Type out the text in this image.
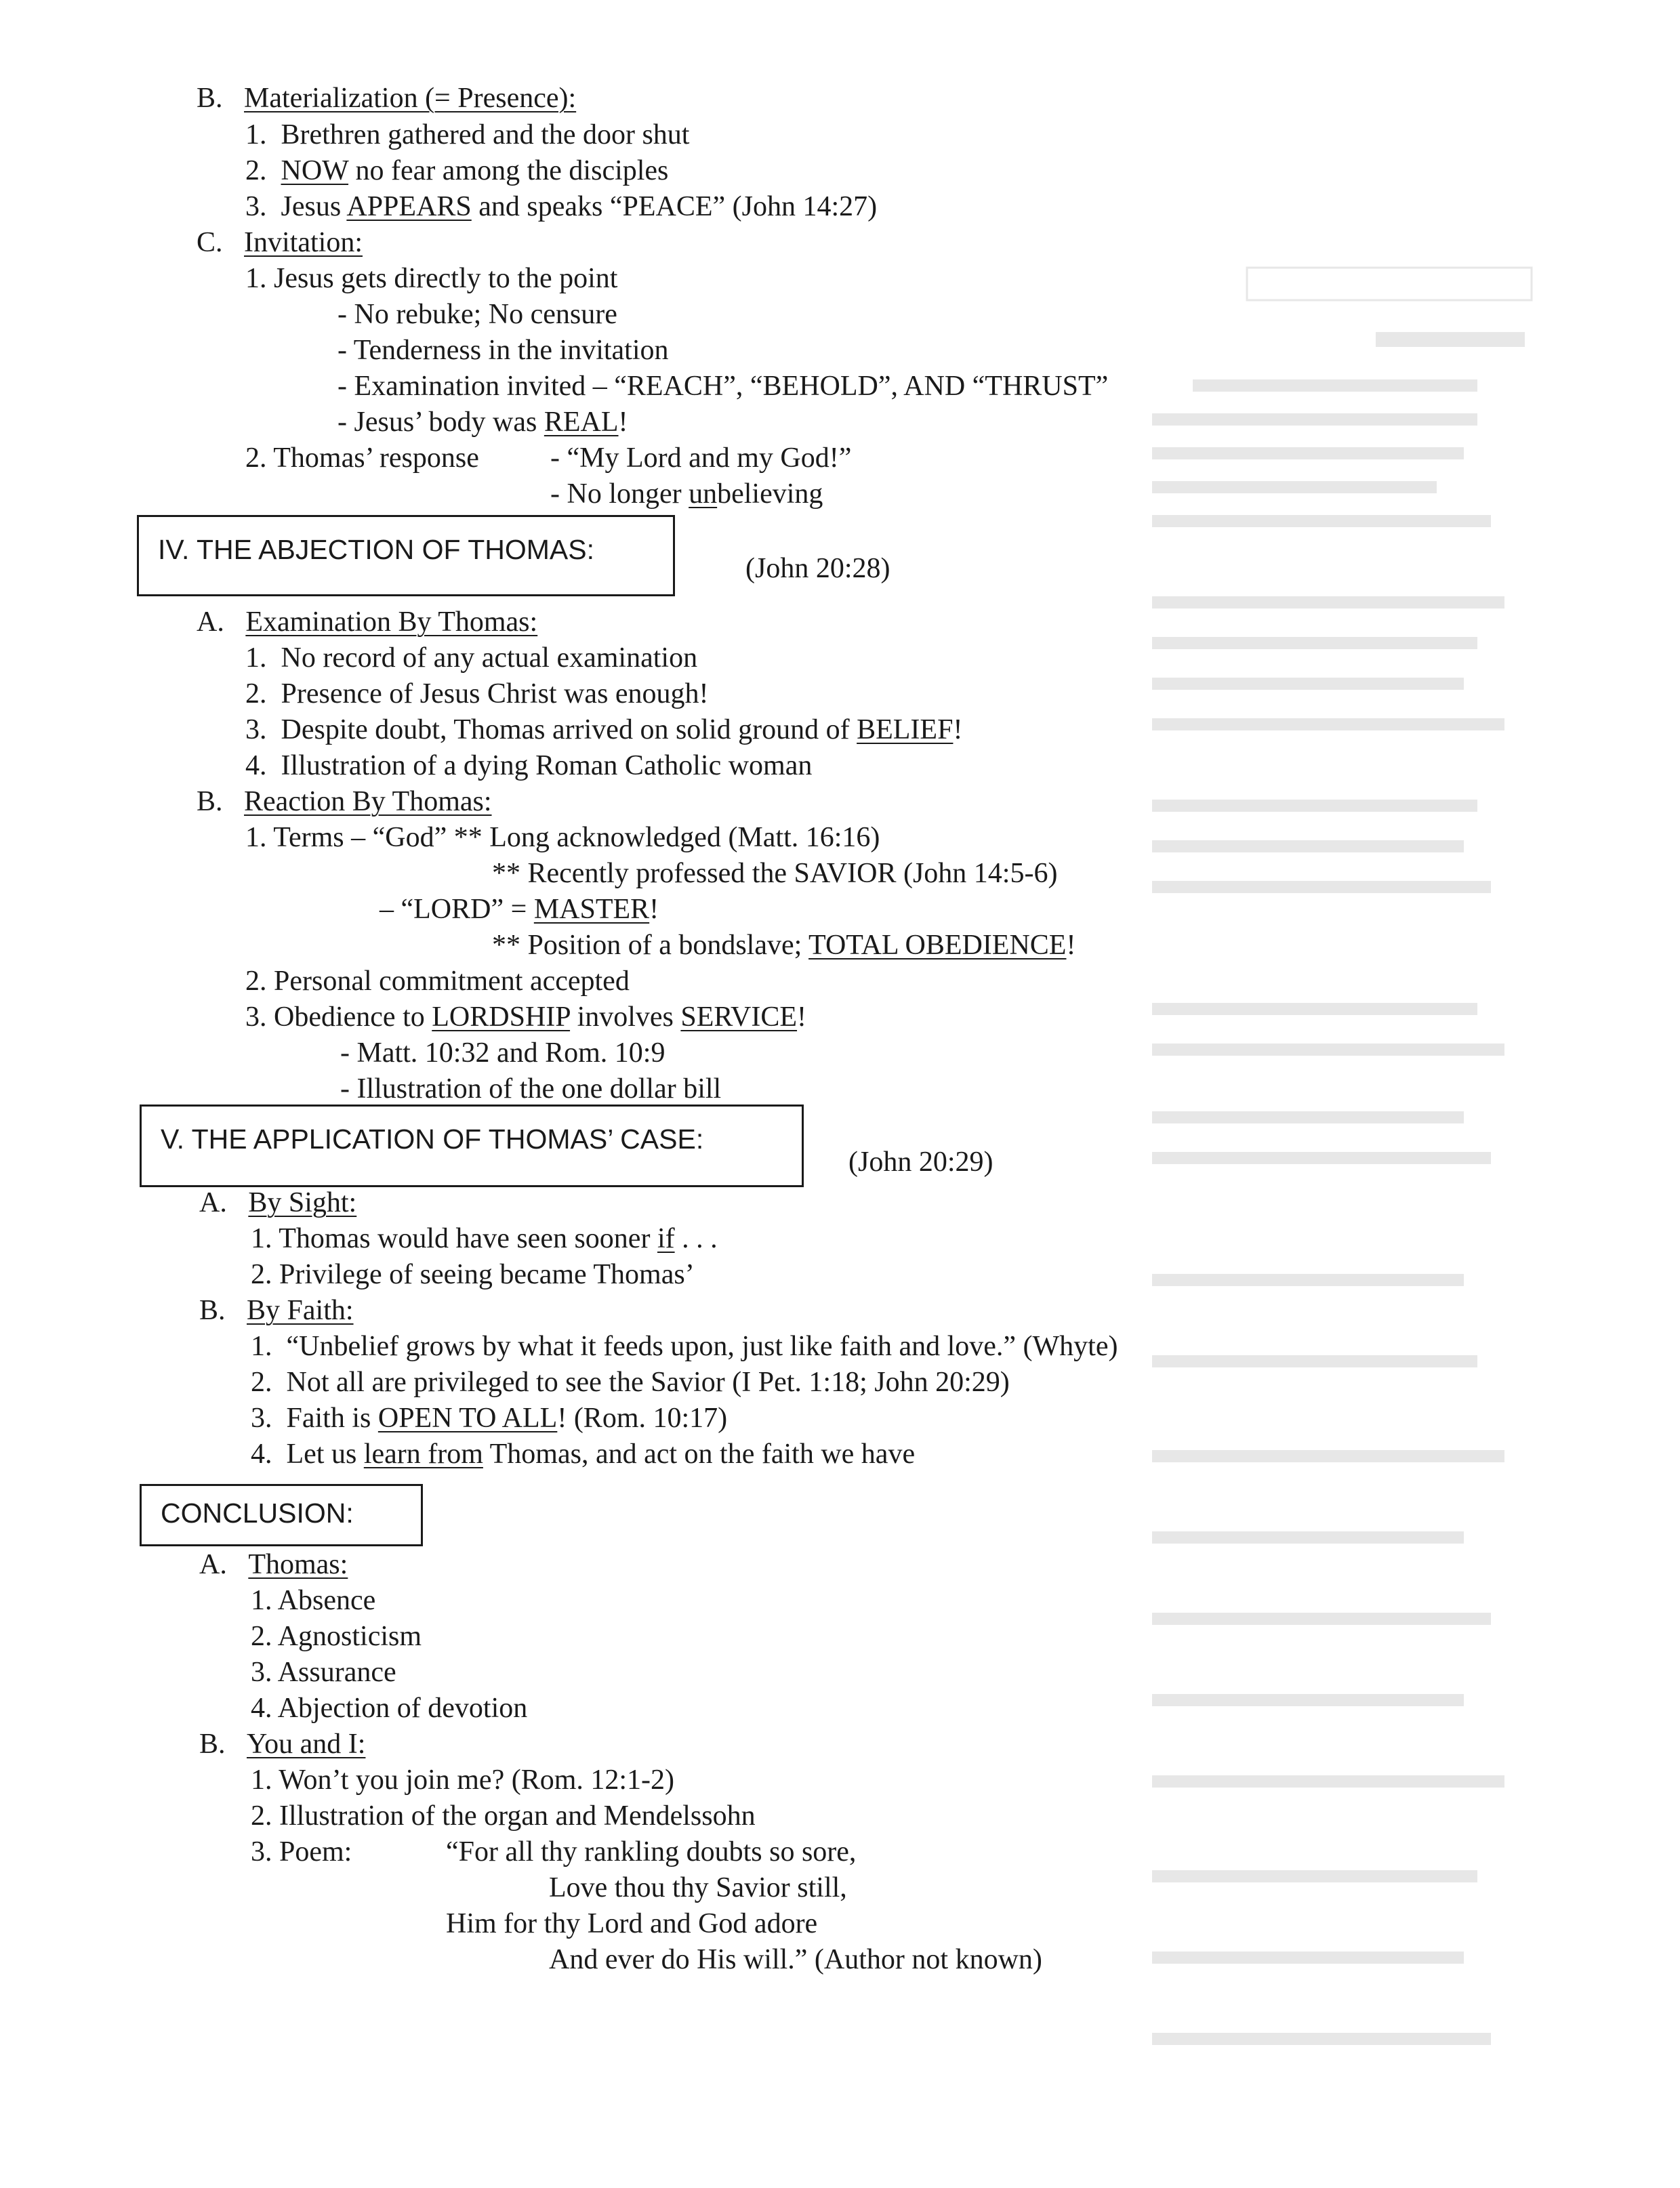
B. Materialization (= Presence):
1. Brethren gathered and the door shut
2. NOW no fear among the disciples
3. Jesus APPEARS and speaks “PEACE” (John 14:27)
C. Invitation:
1. Jesus gets directly to the point
- No rebuke; No censure
- Tenderness in the invitation
- Examination invited – “REACH”, “BEHOLD”, AND “THRUST”
- Jesus’ body was REAL!
2. Thomas’ response	- “My Lord and my God!”
- No longer unbelieving
IV. THE ABJECTION OF THOMAS:
(John 20:28)
A. Examination By Thomas:
1. No record of any actual examination
2. Presence of Jesus Christ was enough!
3. Despite doubt, Thomas arrived on solid ground of BELIEF!
4. Illustration of a dying Roman Catholic woman
B. Reaction By Thomas:
1. Terms – “God” ** Long acknowledged (Matt. 16:16)
** Recently professed the SAVIOR (John 14:5-6)
– “LORD” = MASTER!
** Position of a bondslave; TOTAL OBEDIENCE!
2. Personal commitment accepted
3. Obedience to LORDSHIP involves SERVICE!
- Matt. 10:32 and Rom. 10:9
- Illustration of the one dollar bill
V. THE APPLICATION OF THOMAS’ CASE:
(John 20:29)
A. By Sight:
1. Thomas would have seen sooner if . . .
2. Privilege of seeing became Thomas’
B. By Faith:
1. “Unbelief grows by what it feeds upon, just like faith and love.” (Whyte)
2. Not all are privileged to see the Savior (I Pet. 1:18; John 20:29)
3. Faith is OPEN TO ALL! (Rom. 10:17)
4. Let us learn from Thomas, and act on the faith we have
CONCLUSION:
A. Thomas:
1. Absence
2. Agnosticism
3. Assurance
4. Abjection of devotion
B. You and I:
1. Won’t you join me? (Rom. 12:1-2)
2. Illustration of the organ and Mendelssohn
3. Poem:	“For all thy rankling doubts so sore,
Love thou thy Savior still,
Him for thy Lord and God adore
And ever do His will.” (Author not known)
